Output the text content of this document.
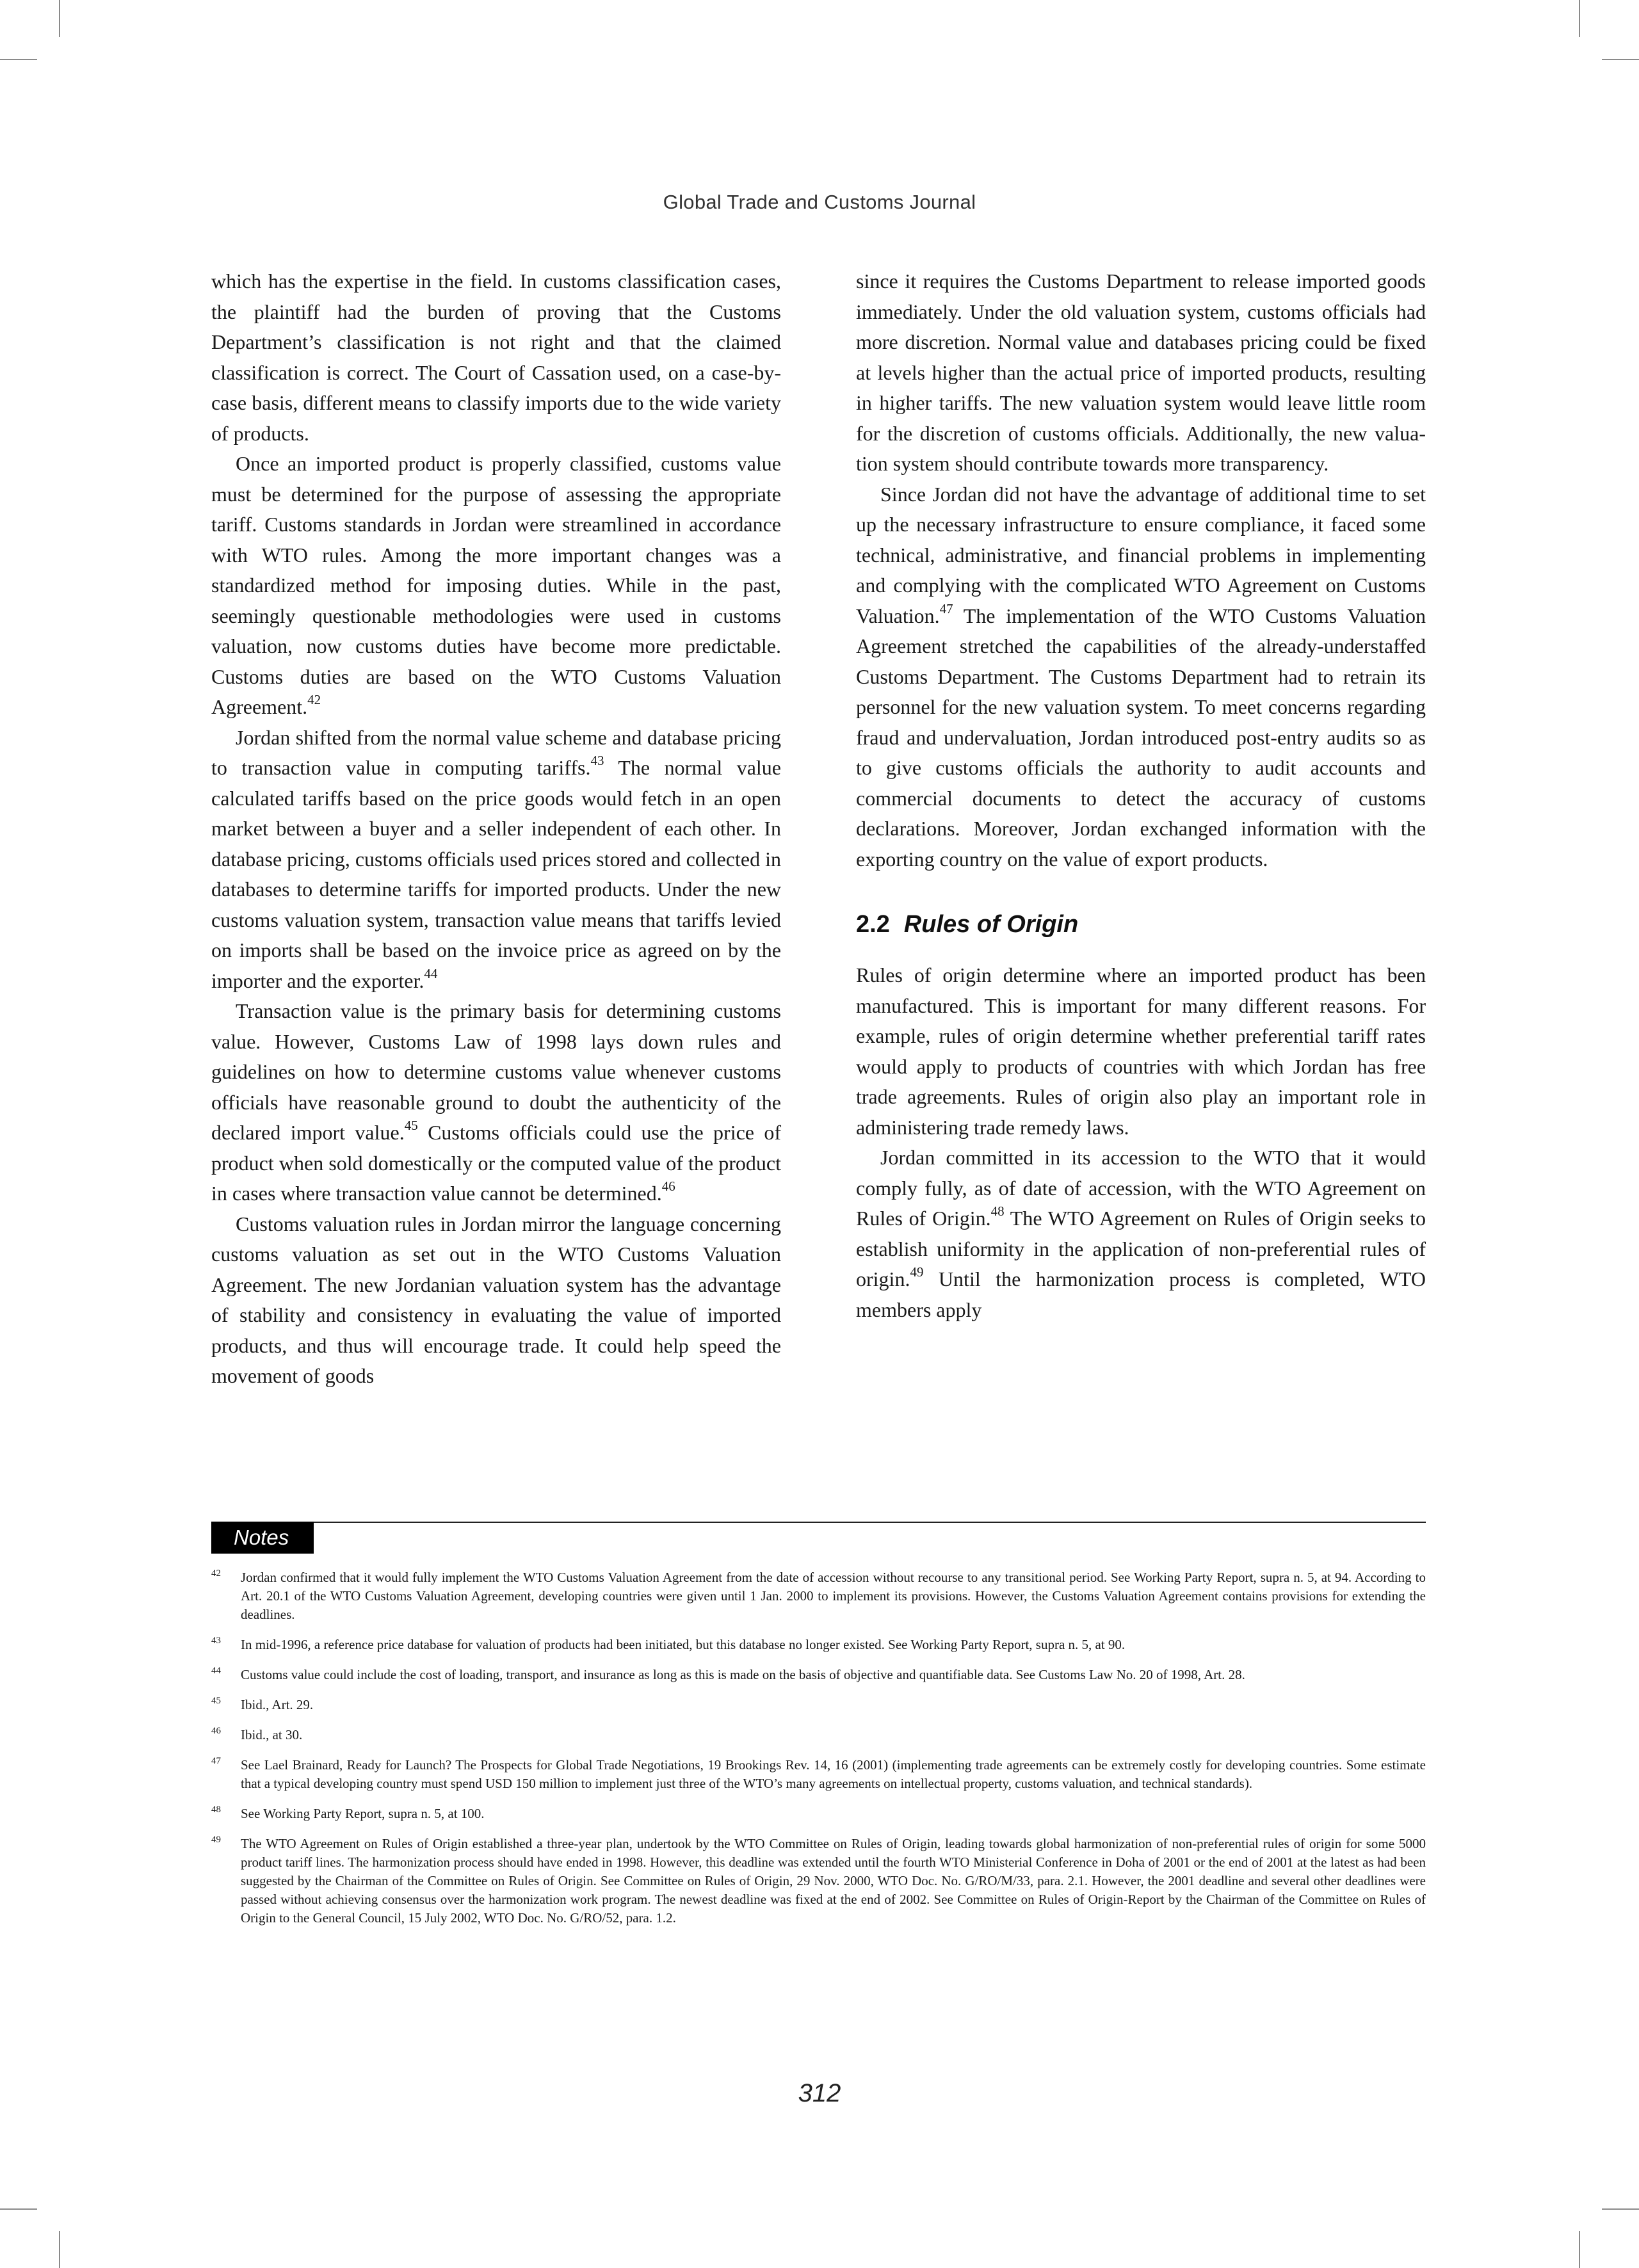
Global Trade and Customs Journal

which has the expertise in the field. In customs classification cases, the plaintiff had the burden of proving that the Customs Department’s classification is not right and that the claimed classification is correct. The Court of Cassation used, on a case-by-case basis, different means to classify imports due to the wide variety of products.

Once an imported product is properly classified, customs value must be determined for the purpose of assessing the appropriate tariff. Customs standards in Jordan were streamlined in accordance with WTO rules. Among the more important changes was a standardized method for imposing duties. While in the past, seemingly questionable methodologies were used in customs valuation, now customs duties have become more predictable. Customs duties are based on the WTO Customs Valuation Agreement.$^{42}$

Jordan shifted from the normal value scheme and database pricing to transaction value in computing tariffs.$^{43}$ The normal value calculated tariffs based on the price goods would fetch in an open market between a buyer and a seller independent of each other. In database pricing, customs officials used prices stored and collected in databases to determine tariffs for imported products. Under the new customs valuation system, transaction value means that tariffs levied on imports shall be based on the invoice price as agreed on by the importer and the exporter.$^{44}$

Transaction value is the primary basis for determining customs value. However, Customs Law of 1998 lays down rules and guidelines on how to determine customs value whenever customs officials have reasonable ground to doubt the authenticity of the declared import value.$^{45}$ Customs officials could use the price of product when sold domestically or the computed value of the product in cases where transaction value cannot be determined.$^{46}$

Customs valuation rules in Jordan mirror the language concerning customs valuation as set out in the WTO Customs Valuation Agreement. The new Jordanian valuation system has the advantage of stability and consistency in evaluating the value of imported products, and thus will encourage trade. It could help speed the movement of goods

since it requires the Customs Department to release imported goods immediately. Under the old valuation system, customs officials had more discretion. Normal value and databases pricing could be fixed at levels higher than the actual price of imported products, resulting in higher tariffs. The new valuation system would leave little room for the discretion of customs officials. Additionally, the new valuation system should contribute towards more transparency.

Since Jordan did not have the advantage of additional time to set up the necessary infrastructure to ensure compliance, it faced some technical, administrative, and financial problems in implementing and complying with the complicated WTO Agreement on Customs Valuation.$^{47}$ The implementation of the WTO Customs Valuation Agreement stretched the capabilities of the already-understaffed Customs Department. The Customs Department had to retrain its personnel for the new valuation system. To meet concerns regarding fraud and undervaluation, Jordan introduced post-entry audits so as to give customs officials the authority to audit accounts and commercial documents to detect the accuracy of customs declarations. Moreover, Jordan exchanged information with the exporting country on the value of export products.

2.2 Rules of Origin

Rules of origin determine where an imported product has been manufactured. This is important for many different reasons. For example, rules of origin determine whether preferential tariff rates would apply to products of countries with which Jordan has free trade agreements. Rules of origin also play an important role in administering trade remedy laws.

Jordan committed in its accession to the WTO that it would comply fully, as of date of accession, with the WTO Agreement on Rules of Origin.$^{48}$ The WTO Agreement on Rules of Origin seeks to establish uniformity in the application of non-preferential rules of origin.$^{49}$ Until the harmonization process is completed, WTO members apply

Notes
42 Jordan confirmed that it would fully implement the WTO Customs Valuation Agreement from the date of accession without recourse to any transitional period. See Working Party Report, supra n. 5, at 94. According to Art. 20.1 of the WTO Customs Valuation Agreement, developing countries were given until 1 Jan. 2000 to implement its provisions. However, the Customs Valuation Agreement contains provisions for extending the deadlines.
43 In mid-1996, a reference price database for valuation of products had been initiated, but this database no longer existed. See Working Party Report, supra n. 5, at 90.
44 Customs value could include the cost of loading, transport, and insurance as long as this is made on the basis of objective and quantifiable data. See Customs Law No. 20 of 1998, Art. 28.
45 Ibid., Art. 29.
46 Ibid., at 30.
47 See Lael Brainard, Ready for Launch? The Prospects for Global Trade Negotiations, 19 Brookings Rev. 14, 16 (2001) (implementing trade agreements can be extremely costly for developing countries. Some estimate that a typical developing country must spend USD 150 million to implement just three of the WTO’s many agreements on intellectual property, customs valuation, and technical standards).
48 See Working Party Report, supra n. 5, at 100.
49 The WTO Agreement on Rules of Origin established a three-year plan, undertook by the WTO Committee on Rules of Origin, leading towards global harmonization of non-preferential rules of origin for some 5000 product tariff lines. The harmonization process should have ended in 1998. However, this deadline was extended until the fourth WTO Ministerial Conference in Doha of 2001 or the end of 2001 at the latest as had been suggested by the Chairman of the Committee on Rules of Origin. See Committee on Rules of Origin, 29 Nov. 2000, WTO Doc. No. G/RO/M/33, para. 2.1. However, the 2001 deadline and several other deadlines were passed without achieving consensus over the harmonization work program. The newest deadline was fixed at the end of 2002. See Committee on Rules of Origin-Report by the Chairman of the Committee on Rules of Origin to the General Council, 15 July 2002, WTO Doc. No. G/RO/52, para. 1.2.
312
